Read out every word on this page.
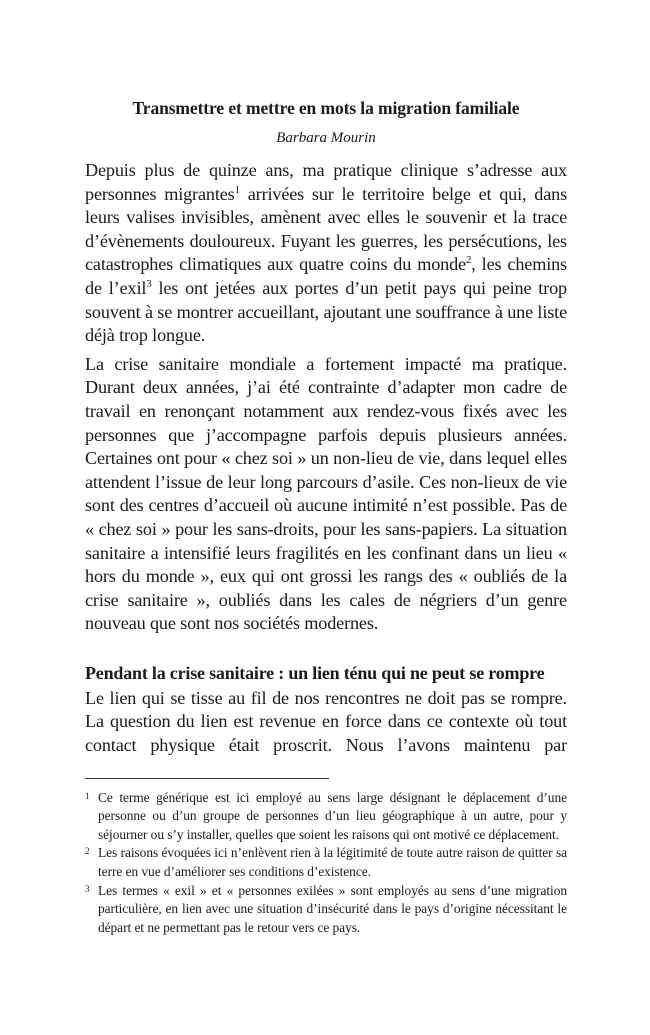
Transmettre et mettre en mots la migration familiale
Barbara Mourin

Depuis plus de quinze ans, ma pratique clinique s’adresse aux personnes migrantes$^1$ arrivées sur le territoire belge et qui, dans leurs valises invisibles, amènent avec elles le souvenir et la trace d’évènements douloureux. Fuyant les guerres, les persécutions, les catastrophes climatiques aux quatre coins du monde$^2$, les chemins de l’exil$^3$ les ont jetées aux portes d’un petit pays qui peine trop souvent à se montrer accueillant, ajoutant une souffrance à une liste déjà trop longue.

La crise sanitaire mondiale a fortement impacté ma pratique. Durant deux années, j’ai été contrainte d’adapter mon cadre de travail en renonçant notamment aux rendez-vous fixés avec les personnes que j’accompagne parfois depuis plusieurs années. Certaines ont pour « chez soi » un non-lieu de vie, dans lequel elles attendent l’issue de leur long parcours d’asile. Ces non-lieux de vie sont des centres d’accueil où aucune intimité n’est possible. Pas de « chez soi » pour les sans-droits, pour les sans-papiers. La situation sanitaire a intensifié leurs fragilités en les confinant dans un lieu « hors du monde », eux qui ont grossi les rangs des « oubliés de la crise sanitaire », oubliés dans les cales de négriers d’un genre nouveau que sont nos sociétés modernes.

Pendant la crise sanitaire : un lien ténu qui ne peut se rompre

Le lien qui se tisse au fil de nos rencontres ne doit pas se rompre. La question du lien est revenue en force dans ce contexte où tout contact physique était proscrit. Nous l’avons maintenu par

1 Ce terme générique est ici employé au sens large désignant le déplacement d’une personne ou d’un groupe de personnes d’un lieu géographique à un autre, pour y séjourner ou s’y installer, quelles que soient les raisons qui ont motivé ce déplacement.

2 Les raisons évoquées ici n’enlèvent rien à la légitimité de toute autre raison de quitter sa terre en vue d’améliorer ses conditions d’existence.

3 Les termes « exil » et « personnes exilées » sont employés au sens d’une migration particulière, en lien avec une situation d’insécurité dans le pays d’origine nécessitant le départ et ne permettant pas le retour vers ce pays.
